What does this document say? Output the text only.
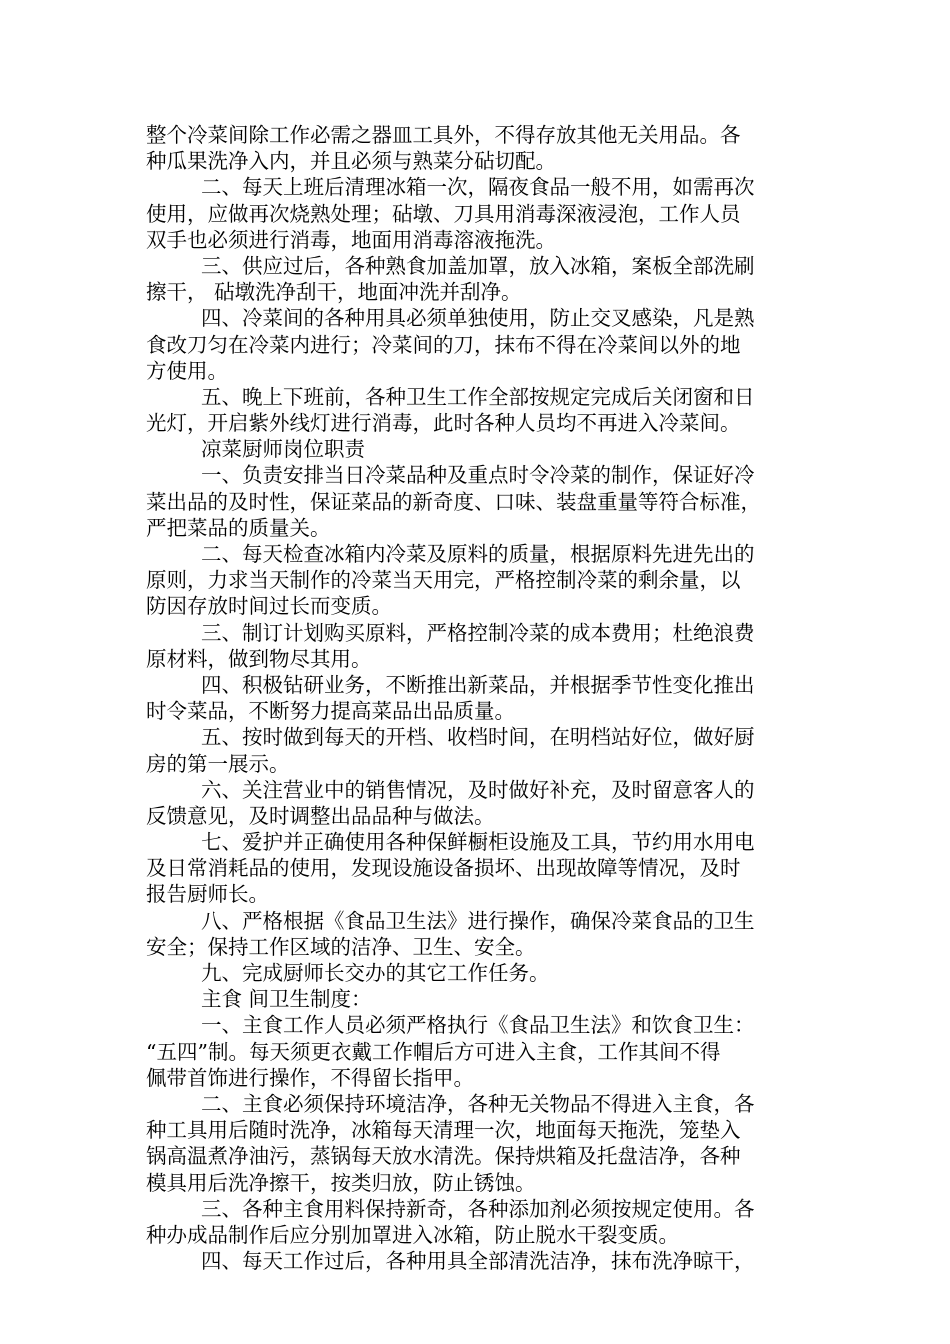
整个冷菜间除工作必需之器皿工具外，不得存放其他无关用品。各
种瓜果洗净入内，并且必须与熟菜分砧切配。
二、每天上班后清理冰箱一次，隔夜食品一般不用，如需再次
使用，应做再次烧熟处理；砧墩、刀具用消毒深液浸泡，工作人员
双手也必须进行消毒，地面用消毒溶液拖洗。
三、供应过后，各种熟食加盖加罩，放入冰箱，案板全部洗刷
擦干， 砧墩洗净刮干，地面冲洗并刮净。
四、冷菜间的各种用具必须单独使用，防止交叉感染，凡是熟
食改刀匀在冷菜内进行；冷菜间的刀，抹布不得在冷菜间以外的地
方使用。
五、晚上下班前，各种卫生工作全部按规定完成后关闭窗和日
光灯，开启紫外线灯进行消毒，此时各种人员均不再进入冷菜间。
凉菜厨师岗位职责
一、负责安排当日冷菜品种及重点时令冷菜的制作，保证好冷
菜出品的及时性，保证菜品的新奇度、口味、装盘重量等符合标准，
严把菜品的质量关。
二、每天检查冰箱内冷菜及原料的质量，根据原料先进先出的
原则，力求当天制作的冷菜当天用完，严格控制冷菜的剩余量，以
防因存放时间过长而变质。
三、制订计划购买原料，严格控制冷菜的成本费用；杜绝浪费
原材料，做到物尽其用。
四、积极钻研业务，不断推出新菜品，并根据季节性变化推出
时令菜品，不断努力提高菜品出品质量。
五、按时做到每天的开档、收档时间，在明档站好位，做好厨
房的第一展示。
六、关注营业中的销售情况，及时做好补充，及时留意客人的
反馈意见，及时调整出品品种与做法。
七、爱护并正确使用各种保鲜橱柜设施及工具，节约用水用电
及日常消耗品的使用，发现设施设备损坏、出现故障等情况，及时
报告厨师长。
八、严格根据《食品卫生法》进行操作，确保冷菜食品的卫生
安全；保持工作区域的洁净、卫生、安全。
九、完成厨师长交办的其它工作任务。
主食 间卫生制度：
一、主食工作人员必须严格执行《食品卫生法》和饮食卫生：
“五四”制。每天须更衣戴工作帽后方可进入主食，工作其间不得
佩带首饰进行操作，不得留长指甲。
二、主食必须保持环境洁净，各种无关物品不得进入主食，各
种工具用后随时洗净，冰箱每天清理一次，地面每天拖洗，笼垫入
锅高温煮净油污，蒸锅每天放水清洗。保持烘箱及托盘洁净，各种
模具用后洗净擦干，按类归放，防止锈蚀。
三、各种主食用料保持新奇，各种添加剂必须按规定使用。各
种办成品制作后应分别加罩进入冰箱，防止脱水干裂变质。
四、每天工作过后，各种用具全部清洗洁净，抹布洗净晾干，
